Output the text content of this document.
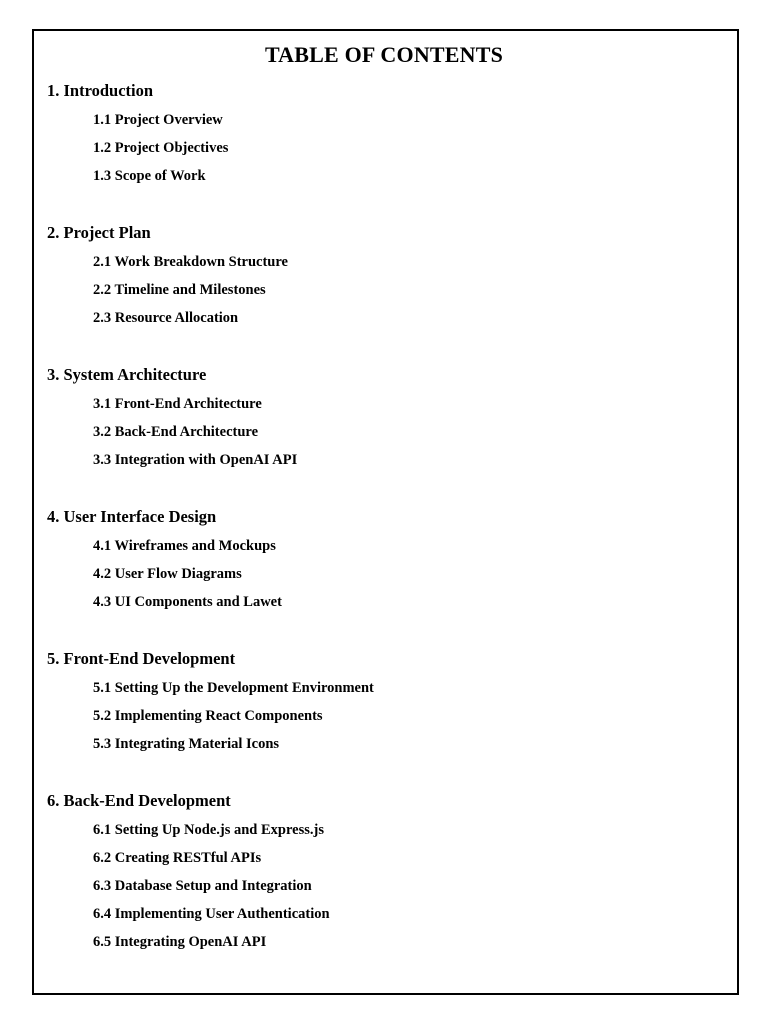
TABLE OF CONTENTS
1. Introduction
1.1 Project Overview
1.2 Project Objectives
1.3 Scope of Work
2. Project Plan
2.1 Work Breakdown Structure
2.2 Timeline and Milestones
2.3 Resource Allocation
3. System Architecture
3.1 Front-End Architecture
3.2 Back-End Architecture
3.3 Integration with OpenAI API
4. User Interface Design
4.1 Wireframes and Mockups
4.2 User Flow Diagrams
4.3 UI Components and Lawet
5. Front-End Development
5.1 Setting Up the Development Environment
5.2 Implementing React Components
5.3 Integrating Material Icons
6. Back-End Development
6.1 Setting Up Node.js and Express.js
6.2 Creating RESTful APIs
6.3 Database Setup and Integration
6.4 Implementing User Authentication
6.5 Integrating OpenAI API
